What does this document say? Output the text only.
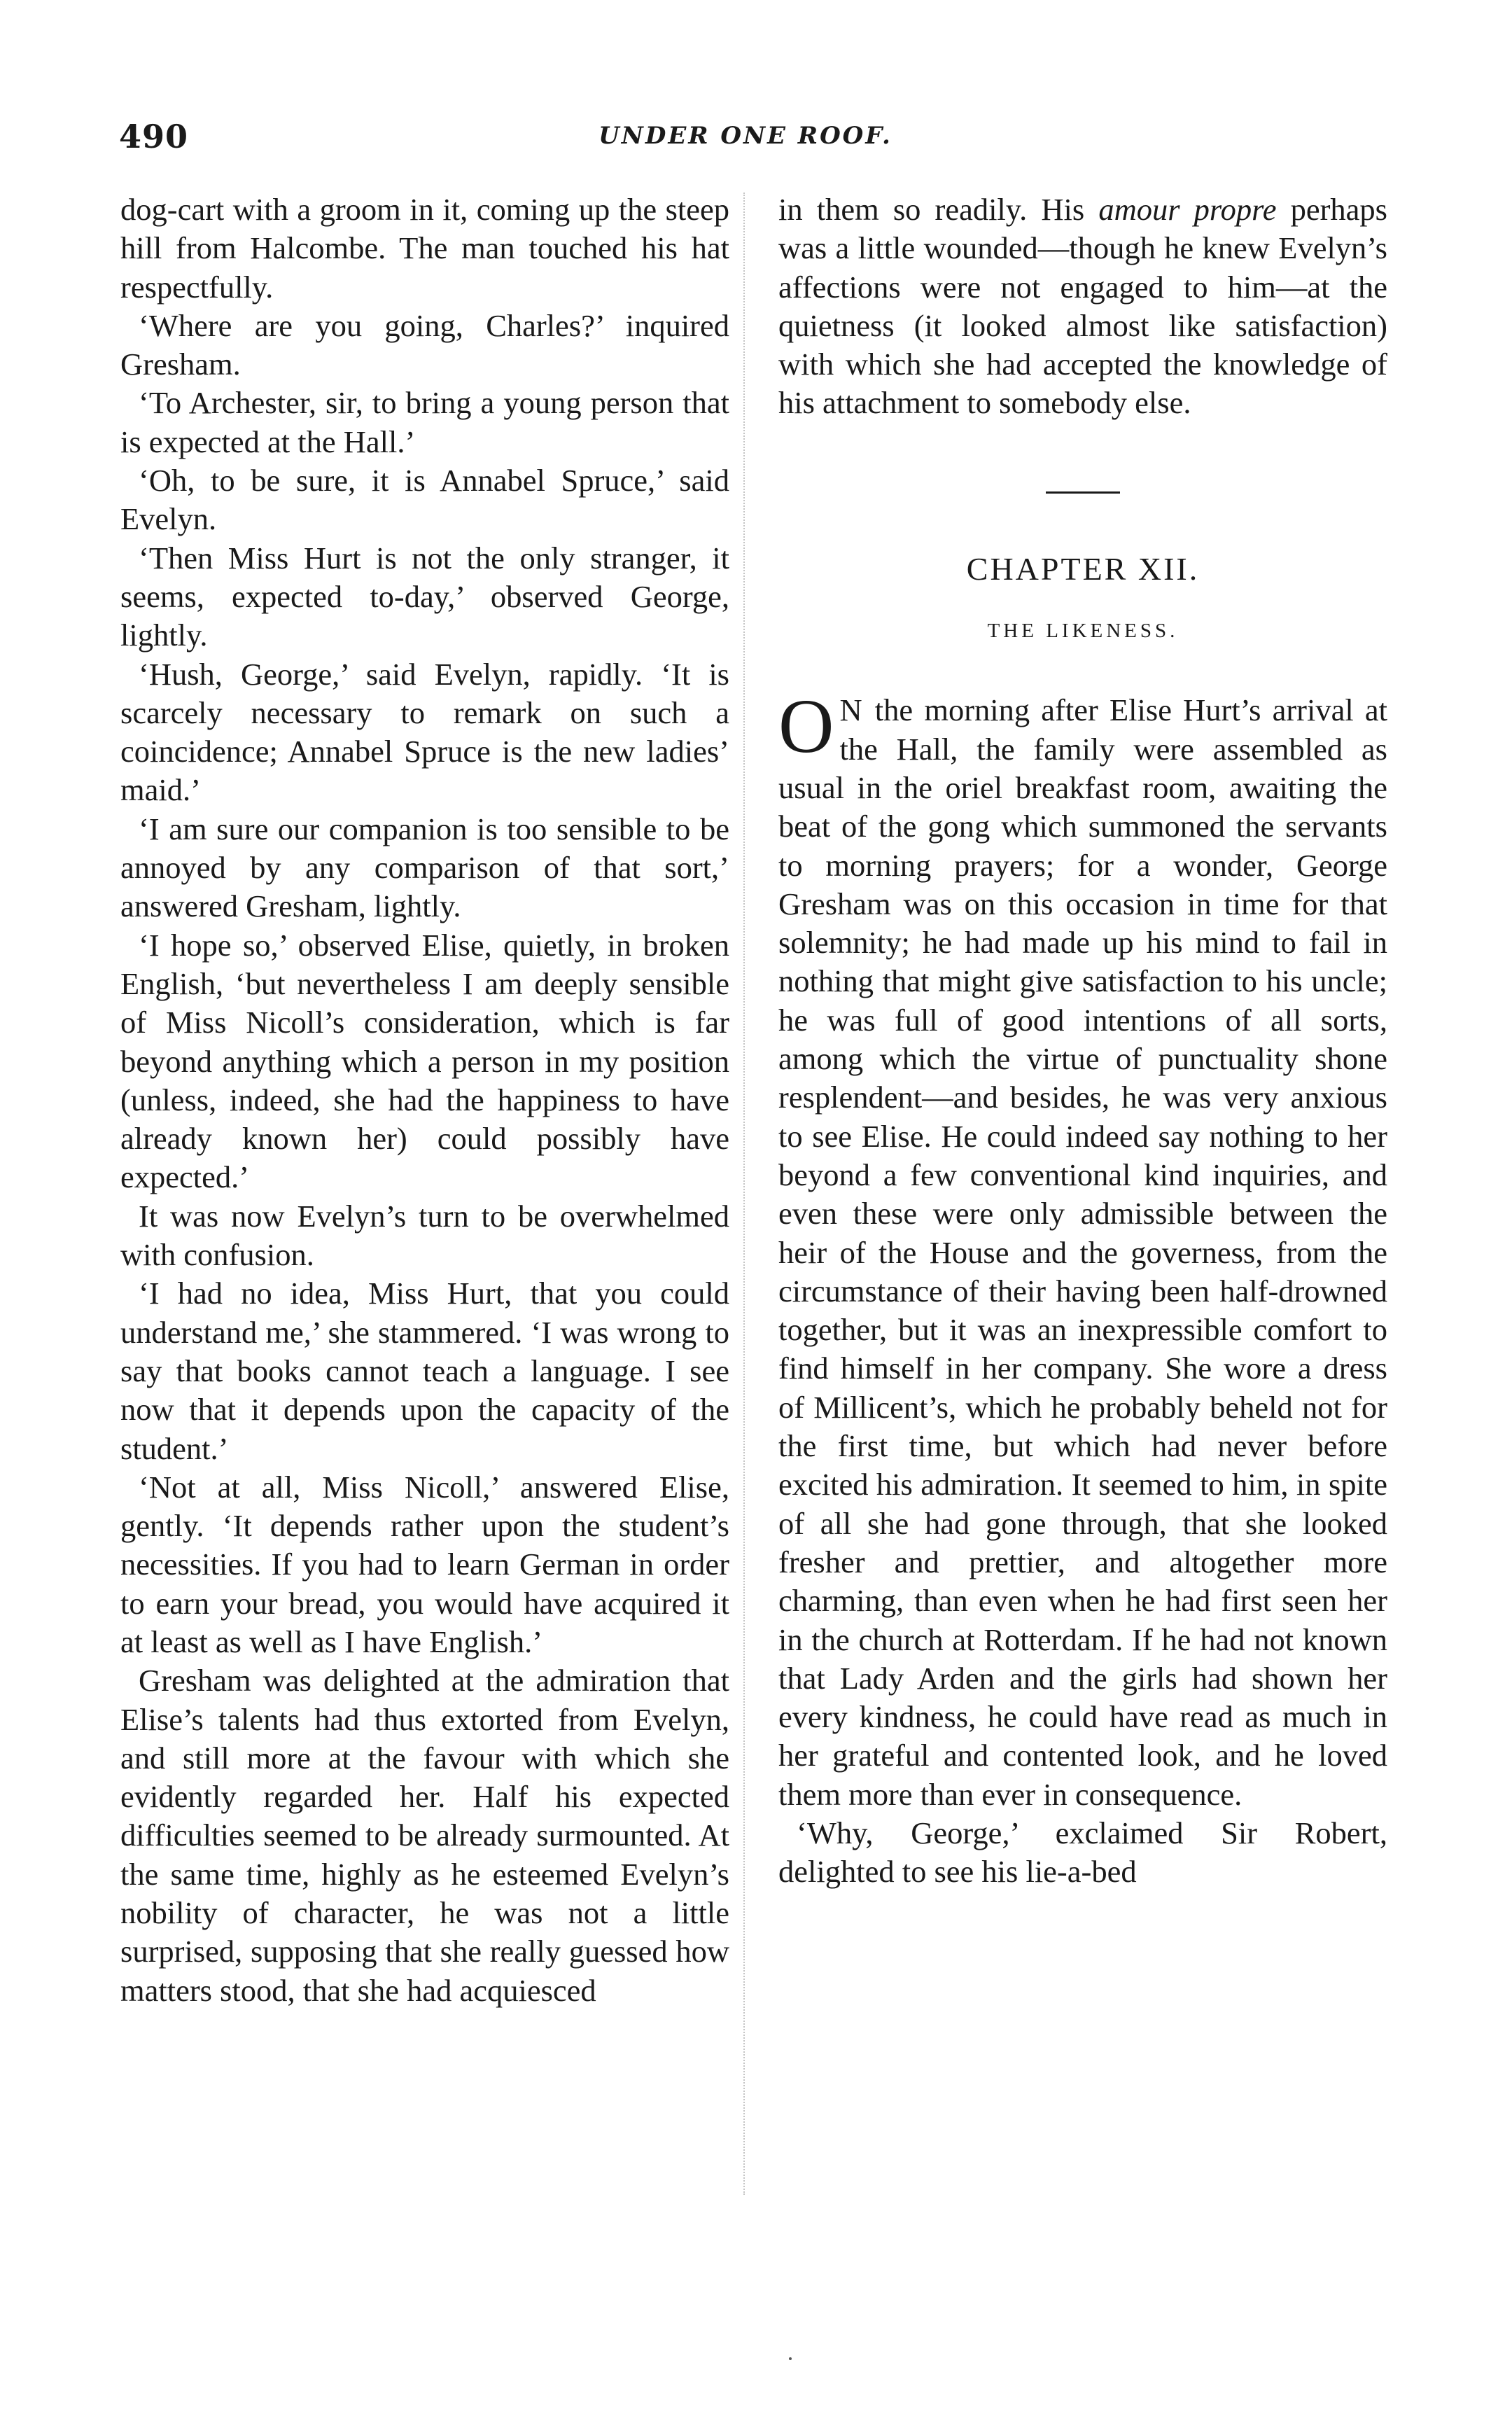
490	UNDER ONE ROOF.

dog-cart with a groom in it, coming up the steep hill from Halcombe. The man touched his hat respectfully.

‘Where are you going, Charles?’ inquired Gresham.

‘To Archester, sir, to bring a young person that is expected at the Hall.’

‘Oh, to be sure, it is Annabel Spruce,’ said Evelyn.

‘Then Miss Hurt is not the only stranger, it seems, expected to-day,’ observed George, lightly.

‘Hush, George,’ said Evelyn, rapidly. ‘It is scarcely necessary to remark on such a coincidence; Annabel Spruce is the new ladies’ maid.’

‘I am sure our companion is too sensible to be annoyed by any comparison of that sort,’ answered Gresham, lightly.

‘I hope so,’ observed Elise, quietly, in broken English, ‘but nevertheless I am deeply sensible of Miss Nicoll’s consideration, which is far beyond anything which a person in my position (unless, indeed, she had the happiness to have already known her) could possibly have expected.’

It was now Evelyn’s turn to be overwhelmed with confusion.

‘I had no idea, Miss Hurt, that you could understand me,’ she stammered. ‘I was wrong to say that books cannot teach a language. I see now that it depends upon the capacity of the student.’

‘Not at all, Miss Nicoll,’ answered Elise, gently. ‘It depends rather upon the student’s necessities. If you had to learn German in order to earn your bread, you would have acquired it at least as well as I have English.’

Gresham was delighted at the admiration that Elise’s talents had thus extorted from Evelyn, and still more at the favour with which she evidently regarded her. Half his expected difficulties seemed to be already surmounted. At the same time, highly as he esteemed Evelyn’s nobility of character, he was not a little surprised, supposing that she really guessed how matters stood, that she had acquiesced

in them so readily. His amour propre perhaps was a little wounded—though he knew Evelyn’s affections were not engaged to him—at the quietness (it looked almost like satisfaction) with which she had accepted the knowledge of his attachment to somebody else.

CHAPTER XII.
THE LIKENESS.

O N the morning after Elise Hurt’s arrival at the Hall, the family were assembled as usual in the oriel breakfast room, awaiting the beat of the gong which summoned the servants to morning prayers; for a wonder, George Gresham was on this occasion in time for that solemnity; he had made up his mind to fail in nothing that might give satisfaction to his uncle; he was full of good intentions of all sorts, among which the virtue of punctuality shone resplendent—and besides, he was very anxious to see Elise. He could indeed say nothing to her beyond a few conventional kind inquiries, and even these were only admissible between the heir of the House and the governess, from the circumstance of their having been half-drowned together, but it was an inexpressible comfort to find himself in her company. She wore a dress of Millicent’s, which he probably beheld not for the first time, but which had never before excited his admiration. It seemed to him, in spite of all she had gone through, that she looked fresher and prettier, and altogether more charming, than even when he had first seen her in the church at Rotterdam. If he had not known that Lady Arden and the girls had shown her every kindness, he could have read as much in her grateful and contented look, and he loved them more than ever in consequence.

‘Why, George,’ exclaimed Sir Robert, delighted to see his lie-a-bed
